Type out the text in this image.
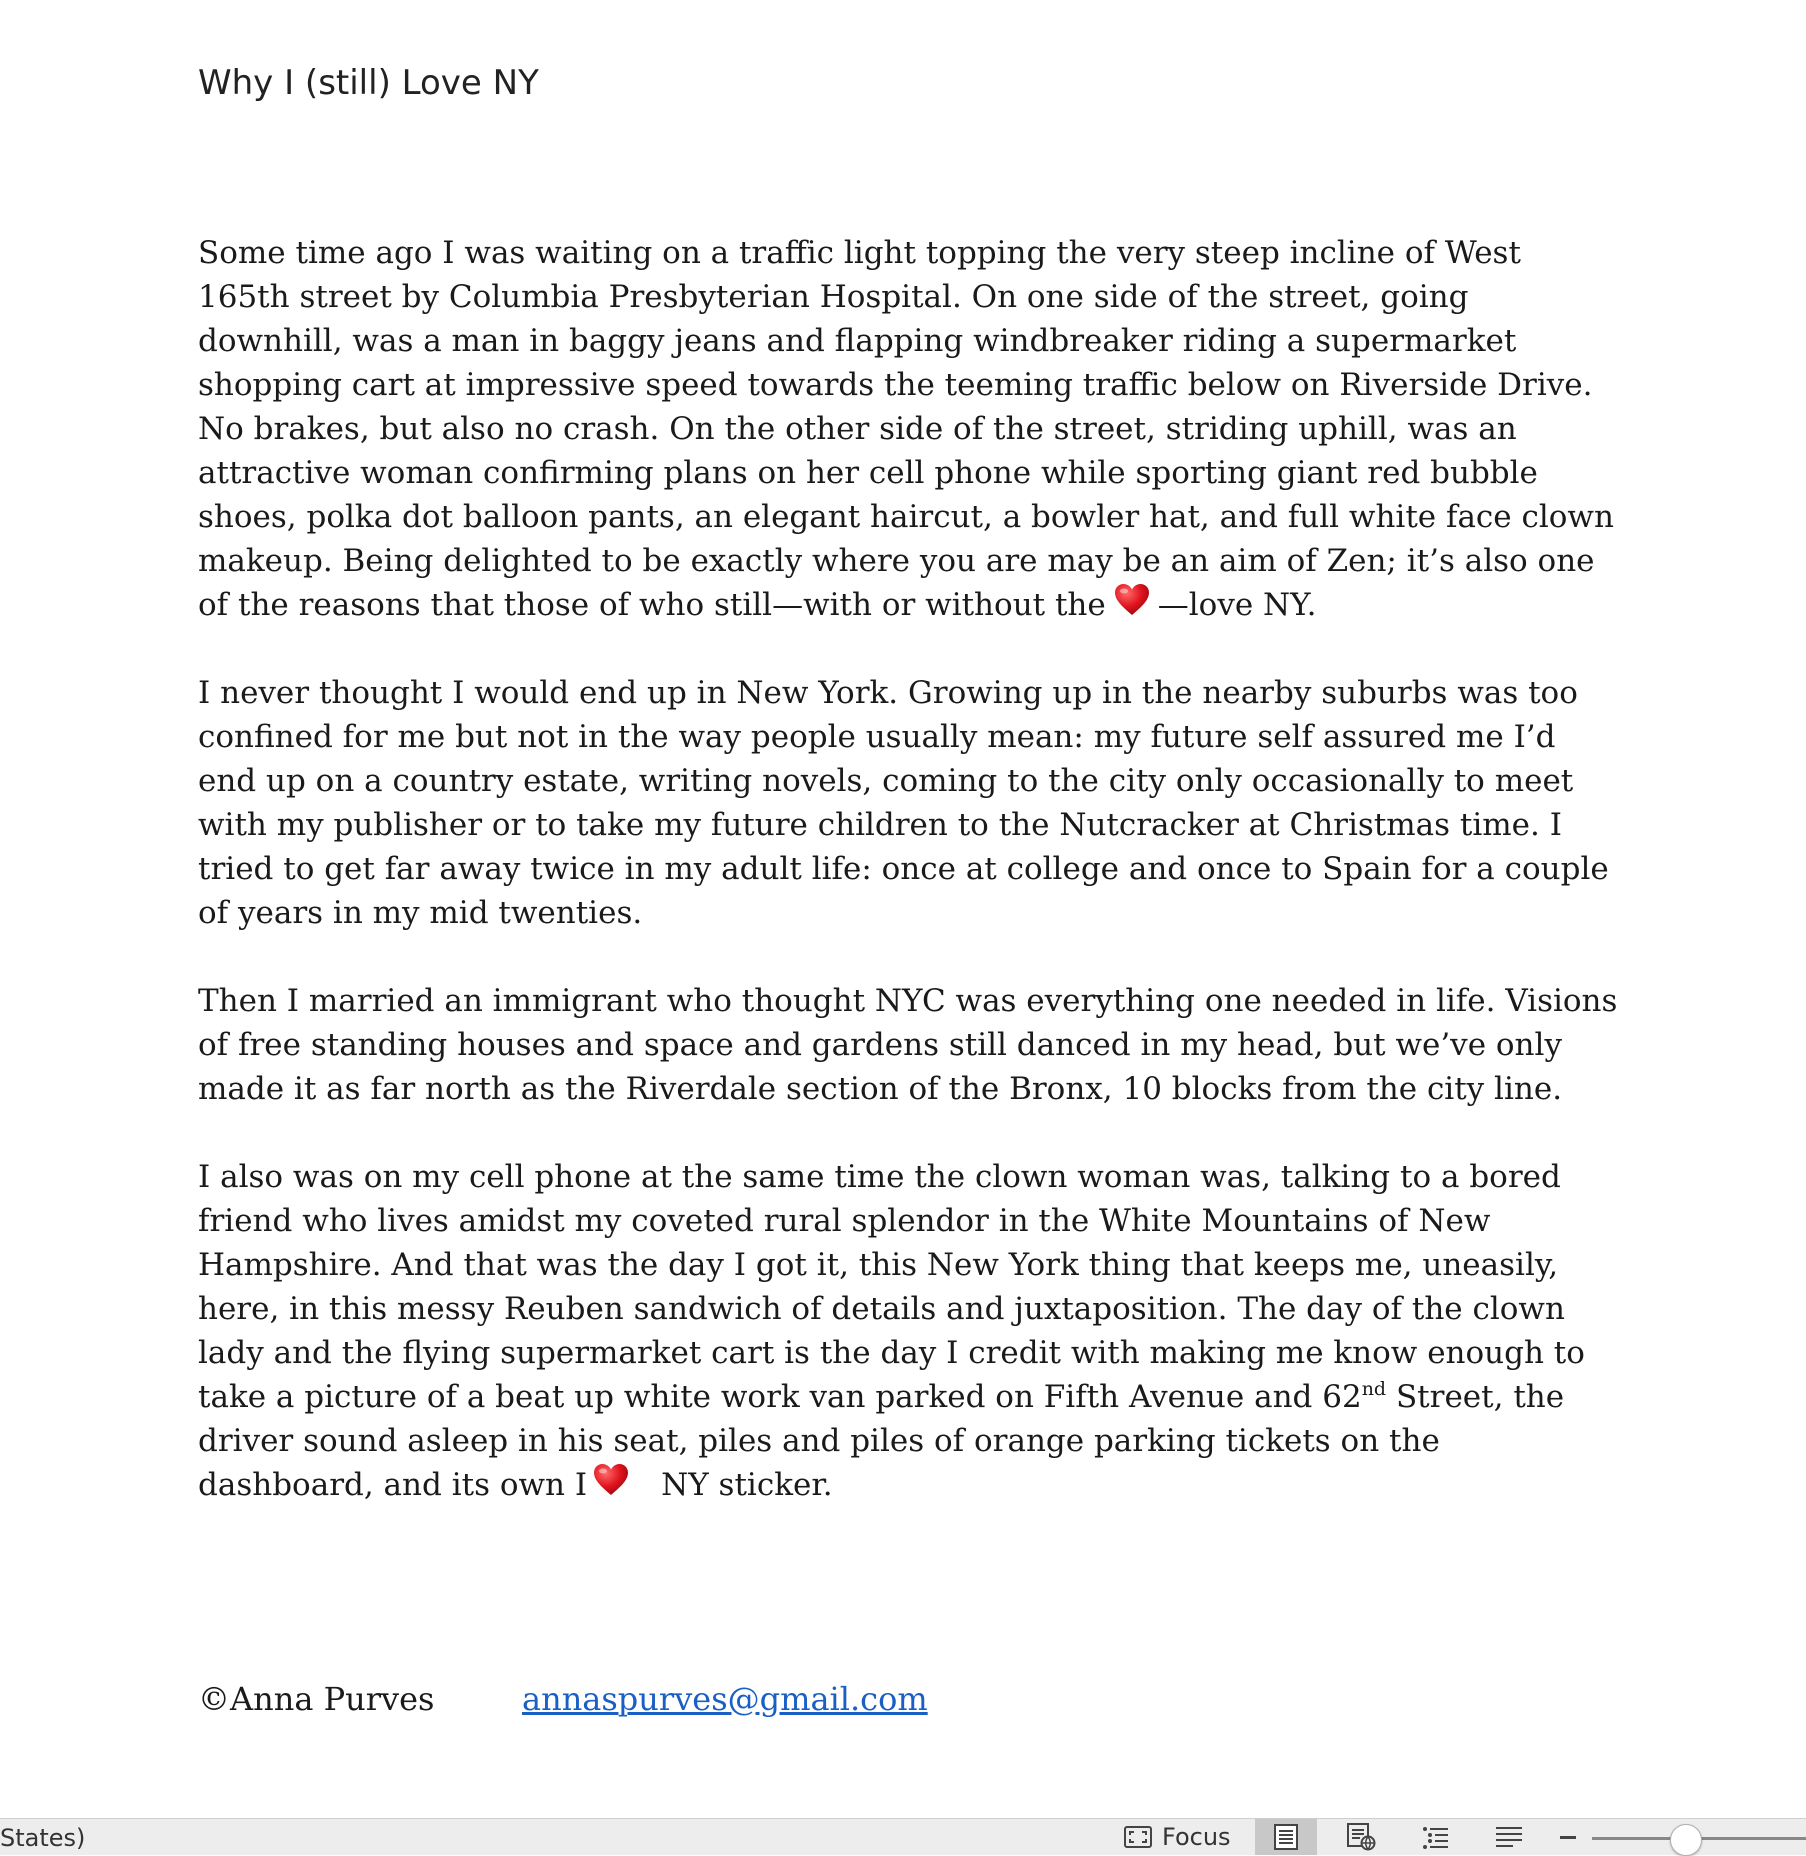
Why I (still) Love NY

Some time ago I was waiting on a traffic light topping the very steep incline of West 165th street by Columbia Presbyterian Hospital. On one side of the street, going downhill, was a man in baggy jeans and flapping windbreaker riding a supermarket shopping cart at impressive speed towards the teeming traffic below on Riverside Drive. No brakes, but also no crash. On the other side of the street, striding uphill, was an attractive woman confirming plans on her cell phone while sporting giant red bubble shoes, polka dot balloon pants, an elegant haircut, a bowler hat, and full white face clown makeup. Being delighted to be exactly where you are may be an aim of Zen; it’s also one of the reasons that those of who still—with or without the —love NY.

I never thought I would end up in New York. Growing up in the nearby suburbs was too confined for me but not in the way people usually mean: my future self assured me I’d end up on a country estate, writing novels, coming to the city only occasionally to meet with my publisher or to take my future children to the Nutcracker at Christmas time. I tried to get far away twice in my adult life: once at college and once to Spain for a couple of years in my mid twenties.

Then I married an immigrant who thought NYC was everything one needed in life. Visions of free standing houses and space and gardens still danced in my head, but we’ve only made it as far north as the Riverdale section of the Bronx, 10 blocks from the city line.

I also was on my cell phone at the same time the clown woman was, talking to a bored friend who lives amidst my coveted rural splendor in the White Mountains of New Hampshire. And that was the day I got it, this New York thing that keeps me, uneasily, here, in this messy Reuben sandwich of details and juxtaposition. The day of the clown lady and the flying supermarket cart is the day I credit with making me know enough to take a picture of a beat up white work van parked on Fifth Avenue and 62nd Street, the driver sound asleep in his seat, piles and piles of orange parking tickets on the dashboard, and its own I NY sticker.

©Anna Purves	annaspurves@gmail.com
States)	Focus
